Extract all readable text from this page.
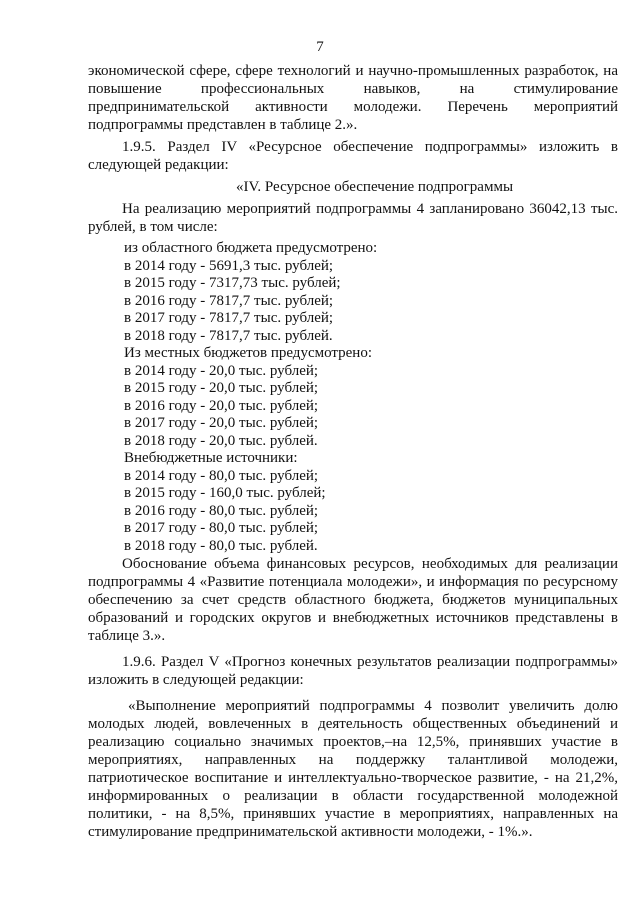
7

экономической сфере, сфере технологий и научно-промышленных разработок, на

повышение профессиональных навыков, на стимулирование

предпринимательской активности молодежи. Перечень мероприятий

подпрограммы представлен в таблице 2.».

1.9.5. Раздел IV «Ресурсное обеспечение подпрограммы» изложить в следующей редакции:

«IV. Ресурсное обеспечение подпрограммы

На реализацию мероприятий подпрограммы 4 запланировано 36042,13 тыс. рублей, в том числе:

из областного бюджета предусмотрено:

в 2014 году - 5691,3 тыс. рублей;

в 2015 году - 7317,73 тыс. рублей;

в 2016 году - 7817,7 тыс. рублей;

в 2017 году - 7817,7 тыс. рублей;

в 2018 году - 7817,7 тыс. рублей.

Из местных бюджетов предусмотрено:

в 2014 году - 20,0 тыс. рублей;

в 2015 году - 20,0 тыс. рублей;

в 2016 году - 20,0 тыс. рублей;

в 2017 году - 20,0 тыс. рублей;

в 2018 году - 20,0 тыс. рублей.

Внебюджетные источники:

в 2014 году - 80,0 тыс. рублей;

в 2015 году - 160,0 тыс. рублей;

в 2016 году - 80,0 тыс. рублей;

в 2017 году - 80,0 тыс. рублей;

в 2018 году - 80,0 тыс. рублей.

Обоснование объема финансовых ресурсов, необходимых для реализации подпрограммы 4 «Развитие потенциала молодежи», и информация по ресурсному обеспечению за счет средств областного бюджета, бюджетов муниципальных образований и городских округов и внебюджетных источников представлены в таблице 3.».

1.9.6. Раздел V «Прогноз конечных результатов реализации подпрограммы» изложить в следующей редакции:

«Выполнение мероприятий подпрограммы 4 позволит увеличить долю молодых людей, вовлеченных в деятельность общественных объединений и реализацию социально значимых проектов,–на 12,5%, принявших участие в мероприятиях, направленных на поддержку талантливой молодежи, патриотическое воспитание и интеллектуально-творческое развитие, - на 21,2%, информированных о реализации в области государственной молодежной политики, - на 8,5%, принявших участие в мероприятиях, направленных на стимулирование предпринимательской активности молодежи, - 1%.».
